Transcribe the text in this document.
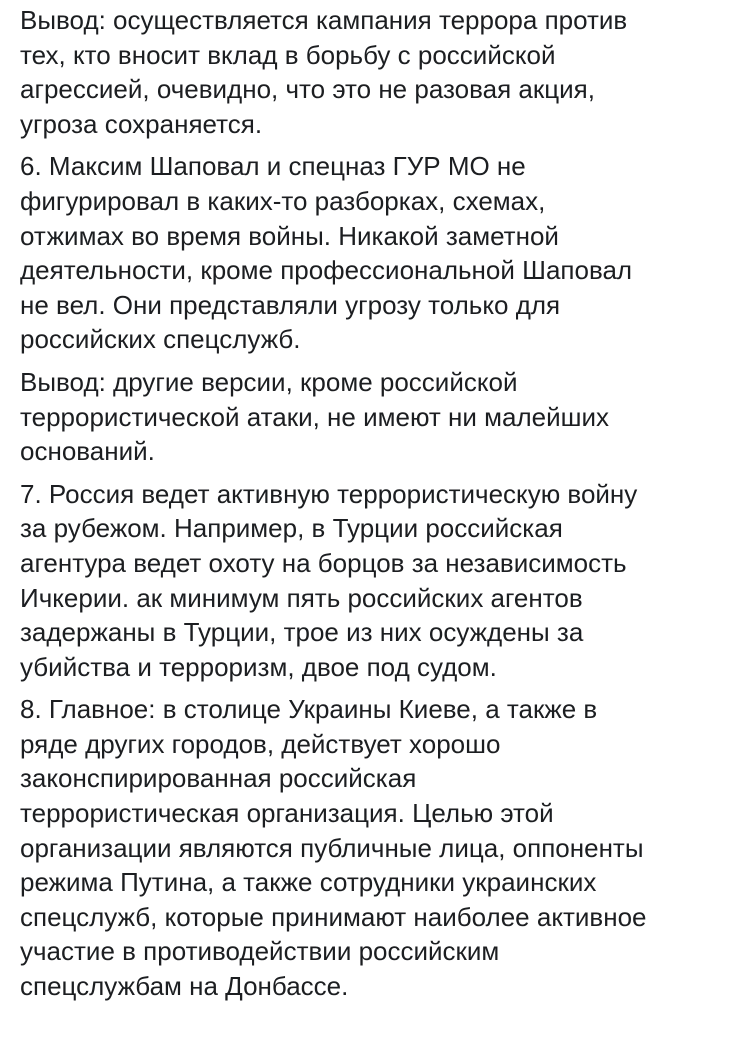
Вывод: осуществляется кампания террора против
тех, кто вносит вклад в борьбу с российской
агрессией, очевидно, что это не разовая акция,
угроза сохраняется.

6. Максим Шаповал и спецназ ГУР МО не
фигурировал в каких-то разборках, схемах,
отжимах во время войны. Никакой заметной
деятельности, кроме профессиональной Шаповал
не вел. Они представляли угрозу только для
российских спецслужб.

Вывод: другие версии, кроме российской
террористической атаки, не имеют ни малейших
оснований.

7. Россия ведет активную террористическую войну
за рубежом. Например, в Турции российская
агентура ведет охоту на борцов за независимость
Ичкерии. ак минимум пять российских агентов
задержаны в Турции, трое из них осуждены за
убийства и терроризм, двое под судом.

8. Главное: в столице Украины Киеве, а также в
ряде других городов, действует хорошо
законспирированная российская
террористическая организация. Целью этой
организации являются публичные лица, оппоненты
режима Путина, а также сотрудники украинских
спецслужб, которые принимают наиболее активное
участие в противодействии российским
спецслужбам на Донбассе.
